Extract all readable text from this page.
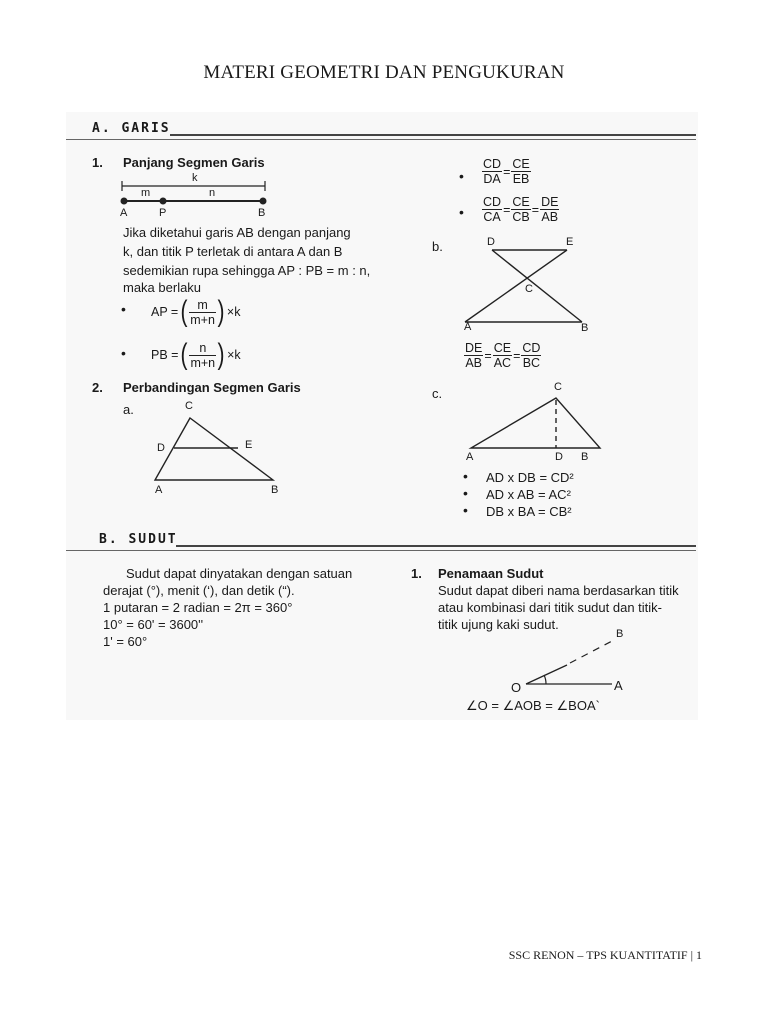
MATERI GEOMETRI DAN PENGUKURAN
A. GARIS
1. Panjang Segmen Garis
k
m	n
A	P	B
Jika diketahui garis AB dengan panjang
k, dan titik P terletak di antara A dan B
sedemikian rupa sehingga AP : PB = m : n,
maka berlaku
• AP =( $\frac{m}{m+n}$ ) ×k
• PB =( $\frac{n}{m+n}$ ) ×k
2. Perbandingan Segmen Garis
a.	C
D	E
A	B
• $\frac{CD}{DA} = \frac{CE}{EB}$
• $\frac{CD}{CA} = \frac{CE}{CB} = \frac{DE}{AB}$
b.	D	E
C
A	B
$\frac{DE}{AB} = \frac{CE}{AC} = \frac{CD}{BC}$
c.	C
A	D B
• AD x DB = CD²
• AD x AB = AC²
• DB x BA = CB²
B. SUDUT
Sudut dapat dinyatakan dengan satuan
derajat (°), menit (‘), dan detik (“).
1 putaran = 2 radian = 2π = 360°
10° = 60' = 3600''
1' = 60°
1. Penamaan Sudut
Sudut dapat diberi nama berdasarkan titik
atau kombinasi dari titik sudut dan titik-
titik ujung kaki sudut.
O	A
B
∠O = ∠AOB = ∠BOA`
SSC RENON – TPS KUANTITATIF | 1
